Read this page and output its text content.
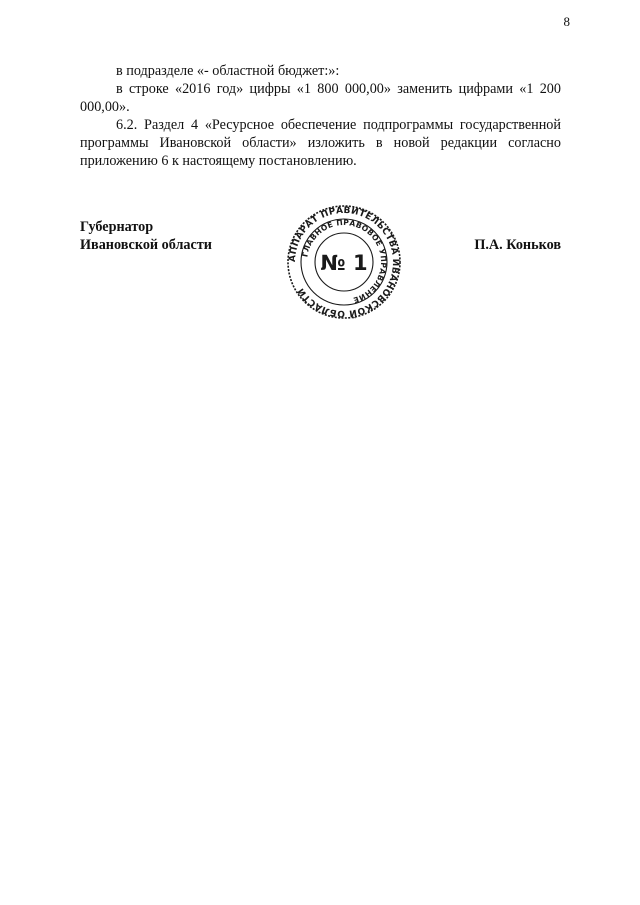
8

в подразделе «- областной бюджет:»:

в строке «2016 год» цифры «1 800 000,00» заменить цифрами «1 200 000,00».

6.2. Раздел 4 «Ресурсное обеспечение подпрограммы государственной программы Ивановской области» изложить в новой редакции согласно приложению 6 к настоящему постановлению.

Губернатор
Ивановской области
АППАРАТ ПРАВИТЕЛЬСТВА ИВАНОВСКОЙ ОБЛАСТИ
ГЛАВНОЕ ПРАВОВОЕ УПРАВЛЕНИЕ
№ 1
П.А. Коньков
